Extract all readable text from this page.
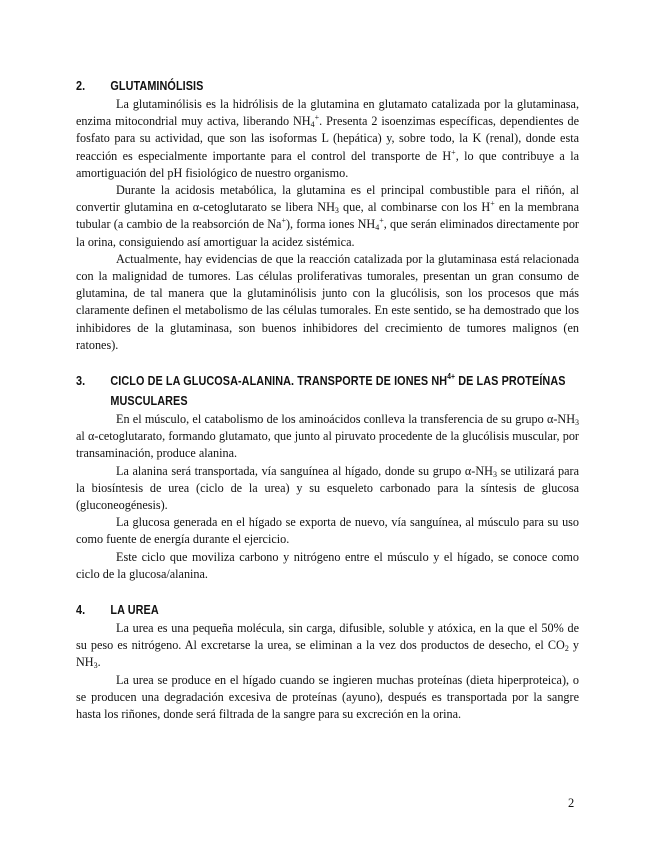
2.	GLUTAMINÓLISIS

La glutaminólisis es la hidrólisis de la glutamina en glutamato catalizada por la glutaminasa, enzima mitocondrial muy activa, liberando $NH_4^+$. Presenta 2 isoenzimas específicas, dependientes de fosfato para su actividad, que son las isoformas L (hepática) y, sobre todo, la K (renal), donde esta reacción es especialmente importante para el control del transporte de H+, lo que contribuye a la amortiguación del pH fisiológico de nuestro organismo.

Durante la acidosis metabólica, la glutamina es el principal combustible para el riñón, al convertir glutamina en α-cetoglutarato se libera $NH_3$ que, al combinarse con los H+ en la membrana tubular (a cambio de la reabsorción de Na+), forma iones $NH_4^+$, que serán eliminados directamente por la orina, consiguiendo así amortiguar la acidez sistémica.

Actualmente, hay evidencias de que la reacción catalizada por la glutaminasa está relacionada con la malignidad de tumores. Las células proliferativas tumorales, presentan un gran consumo de glutamina, de tal manera que la glutaminólisis junto con la glucólisis, son los procesos que más claramente definen el metabolismo de las células tumorales. En este sentido, se ha demostrado que los inhibidores de la glutaminasa, son buenos inhibidores del crecimiento de tumores malignos (en ratones).

3.	CICLO DE LA GLUCOSA-ALANINA. TRANSPORTE DE IONES $NH^{4+}$ DE LAS PROTEÍNAS MUSCULARES

En el músculo, el catabolismo de los aminoácidos conlleva la transferencia de su grupo $\alpha-NH_3$ al α-cetoglutarato, formando glutamato, que junto al piruvato procedente de la glucólisis muscular, por transaminación, produce alanina.

La alanina será transportada, vía sanguínea al hígado, donde su grupo $\alpha-NH_3$ se utilizará para la biosíntesis de urea (ciclo de la urea) y su esqueleto carbonado para la síntesis de glucosa (gluconeogénesis).

La glucosa generada en el hígado se exporta de nuevo, vía sanguínea, al músculo para su uso como fuente de energía durante el ejercicio.

Este ciclo que moviliza carbono y nitrógeno entre el músculo y el hígado, se conoce como ciclo de la glucosa/alanina.

4.	LA UREA

La urea es una pequeña molécula, sin carga, difusible, soluble y atóxica, en la que el 50% de su peso es nitrógeno. Al excretarse la urea, se eliminan a la vez dos productos de desecho, el $CO_2$ y $NH_3$.

La urea se produce en el hígado cuando se ingieren muchas proteínas (dieta hiperproteica), o se producen una degradación excesiva de proteínas (ayuno), después es transportada por la sangre hasta los riñones, donde será filtrada de la sangre para su excreción en la orina.

2
